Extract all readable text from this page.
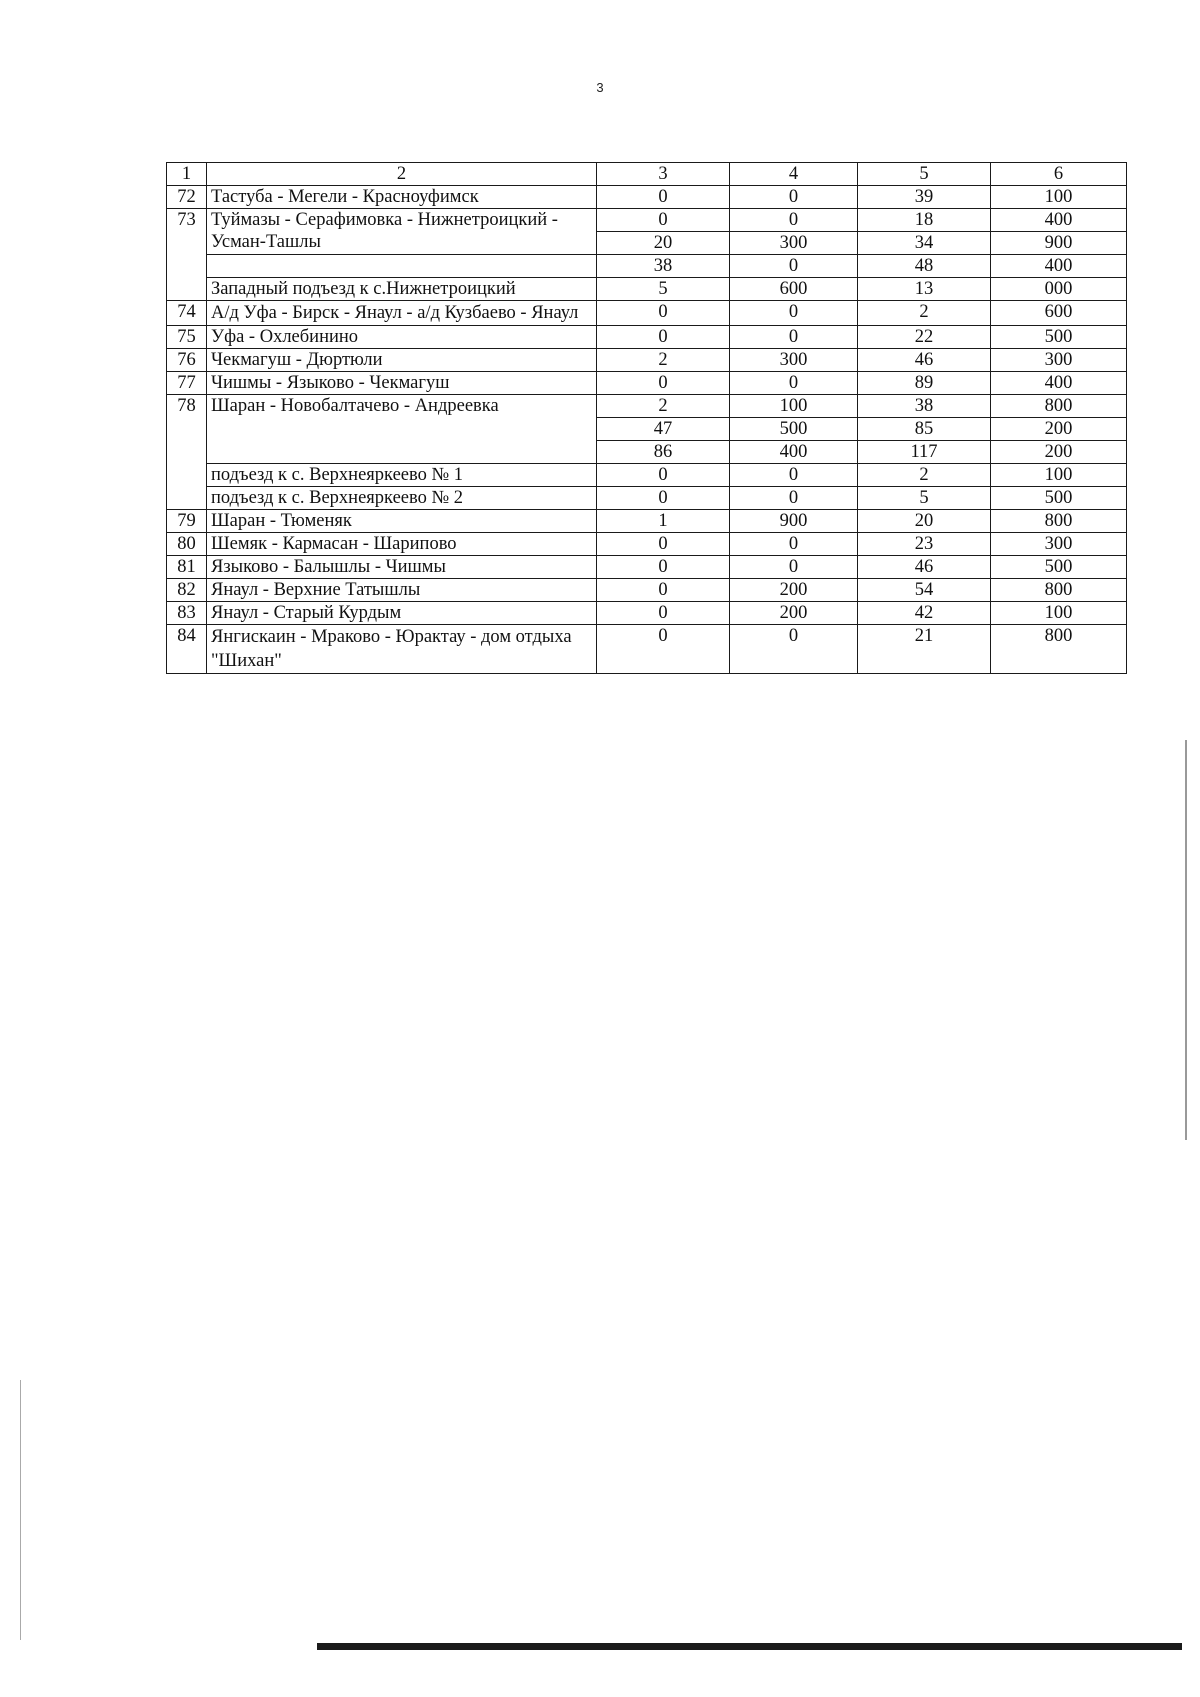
3
1	2	3	4	5	6
72	Тастуба - Мегели - Красноуфимск	0	0	39	100
73	Туймазы - Серафимовка - Нижнетроицкий -
Усман-Ташлы	0	0	18	400
		20	300	34	900
		38	0	48	400
	Западный подъезд к с.Нижнетроицкий	5	600	13	000
74	А/д Уфа - Бирск - Янаул - а/д Кузбаево - Янаул	0	0	2	600
75	Уфа - Охлебинино	0	0	22	500
76	Чекмагуш - Дюртюли	2	300	46	300
77	Чишмы - Языково - Чекмагуш	0	0	89	400
78	Шаран - Новобалтачево - Андреевка	2	100	38	800
		47	500	85	200
		86	400	117	200
	подъезд к с. Верхнеяркеево № 1	0	0	2	100
	подъезд к с. Верхнеяркеево № 2	0	0	5	500
79	Шаран - Тюменяк	1	900	20	800
80	Шемяк - Кармасан - Шарипово	0	0	23	300
81	Языково - Балышлы - Чишмы	0	0	46	500
82	Янаул - Верхние Татышлы	0	200	54	800
83	Янаул - Старый Курдым	0	200	42	100
84	Янгискаин - Мраково - Юрактау - дом отдыха "Шихан"	0	0	21	800
